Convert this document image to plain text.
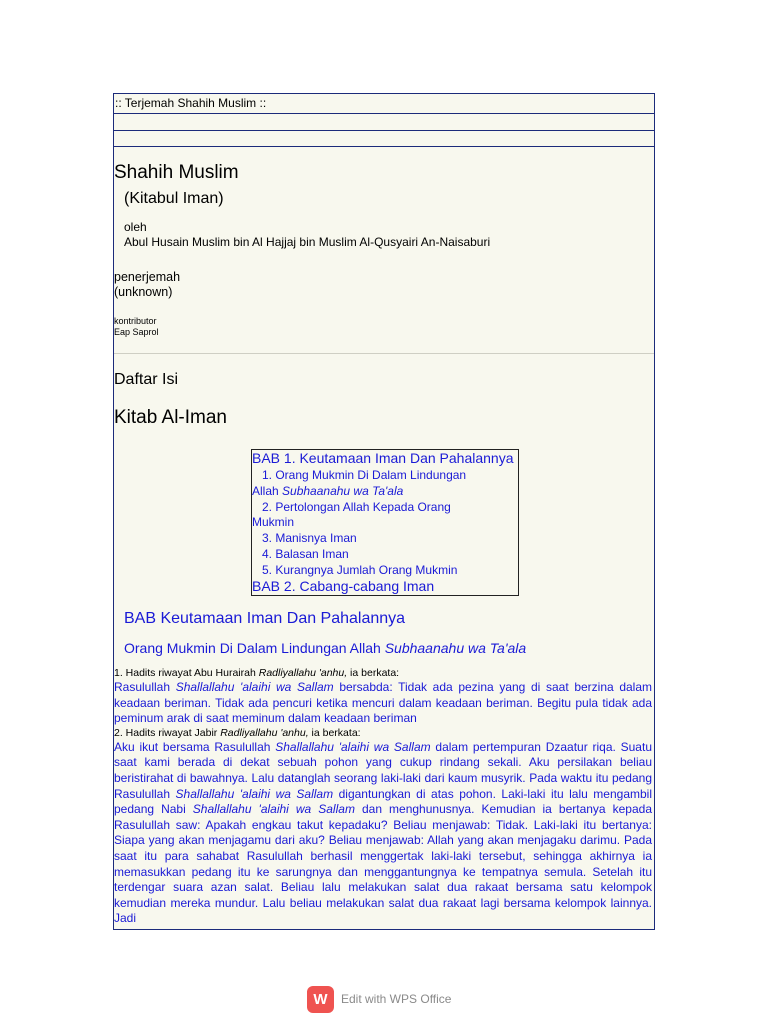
:: Terjemah Shahih Muslim ::
Shahih Muslim
(Kitabul Iman)
oleh
Abul Husain Muslim bin Al Hajjaj bin Muslim Al-Qusyairi An-Naisaburi
penerjemah
(unknown)
kontributor
Eap Saprol
Daftar Isi
Kitab Al-Iman
BAB 1. Keutamaan Iman Dan Pahalannya
1. Orang Mukmin Di Dalam Lindungan
Allah Subhaanahu wa Ta'ala
2. Pertolongan Allah Kepada Orang
Mukmin
3. Manisnya Iman
4. Balasan Iman
5. Kurangnya Jumlah Orang Mukmin
BAB 2. Cabang-cabang Iman
BAB Keutamaan Iman Dan Pahalannya
Orang Mukmin Di Dalam Lindungan Allah Subhaanahu wa Ta'ala
1. Hadits riwayat Abu Hurairah Radliyallahu 'anhu, ia berkata:

Rasulullah Shallallahu 'alaihi wa Sallam bersabda: Tidak ada pezina yang di saat berzina dalam keadaan beriman. Tidak ada pencuri ketika mencuri dalam keadaan beriman. Begitu pula tidak ada peminum arak di saat meminum dalam keadaan beriman

2. Hadits riwayat Jabir Radliyallahu 'anhu, ia berkata:

Aku ikut bersama Rasulullah Shallallahu 'alaihi wa Sallam dalam pertempuran Dzaatur riqa. Suatu saat kami berada di dekat sebuah pohon yang cukup rindang sekali. Aku persilakan beliau beristirahat di bawahnya. Lalu datanglah seorang laki-laki dari kaum musyrik. Pada waktu itu pedang Rasulullah Shallallahu 'alaihi wa Sallam digantungkan di atas pohon. Laki-laki itu lalu mengambil pedang Nabi Shallallahu 'alaihi wa Sallam dan menghunusnya. Kemudian ia bertanya kepada Rasulullah saw: Apakah engkau takut kepadaku? Beliau menjawab: Tidak. Laki-laki itu bertanya: Siapa yang akan menjagamu dari aku? Beliau menjawab: Allah yang akan menjagaku darimu. Pada saat itu para sahabat Rasulullah berhasil menggertak laki-laki tersebut, sehingga akhirnya ia memasukkan pedang itu ke sarungnya dan menggantungnya ke tempatnya semula. Setelah itu terdengar suara azan salat. Beliau lalu melakukan salat dua rakaat bersama satu kelompok kemudian mereka mundur. Lalu beliau melakukan salat dua rakaat lagi bersama kelompok lainnya. Jadi

W	Edit with WPS Office
